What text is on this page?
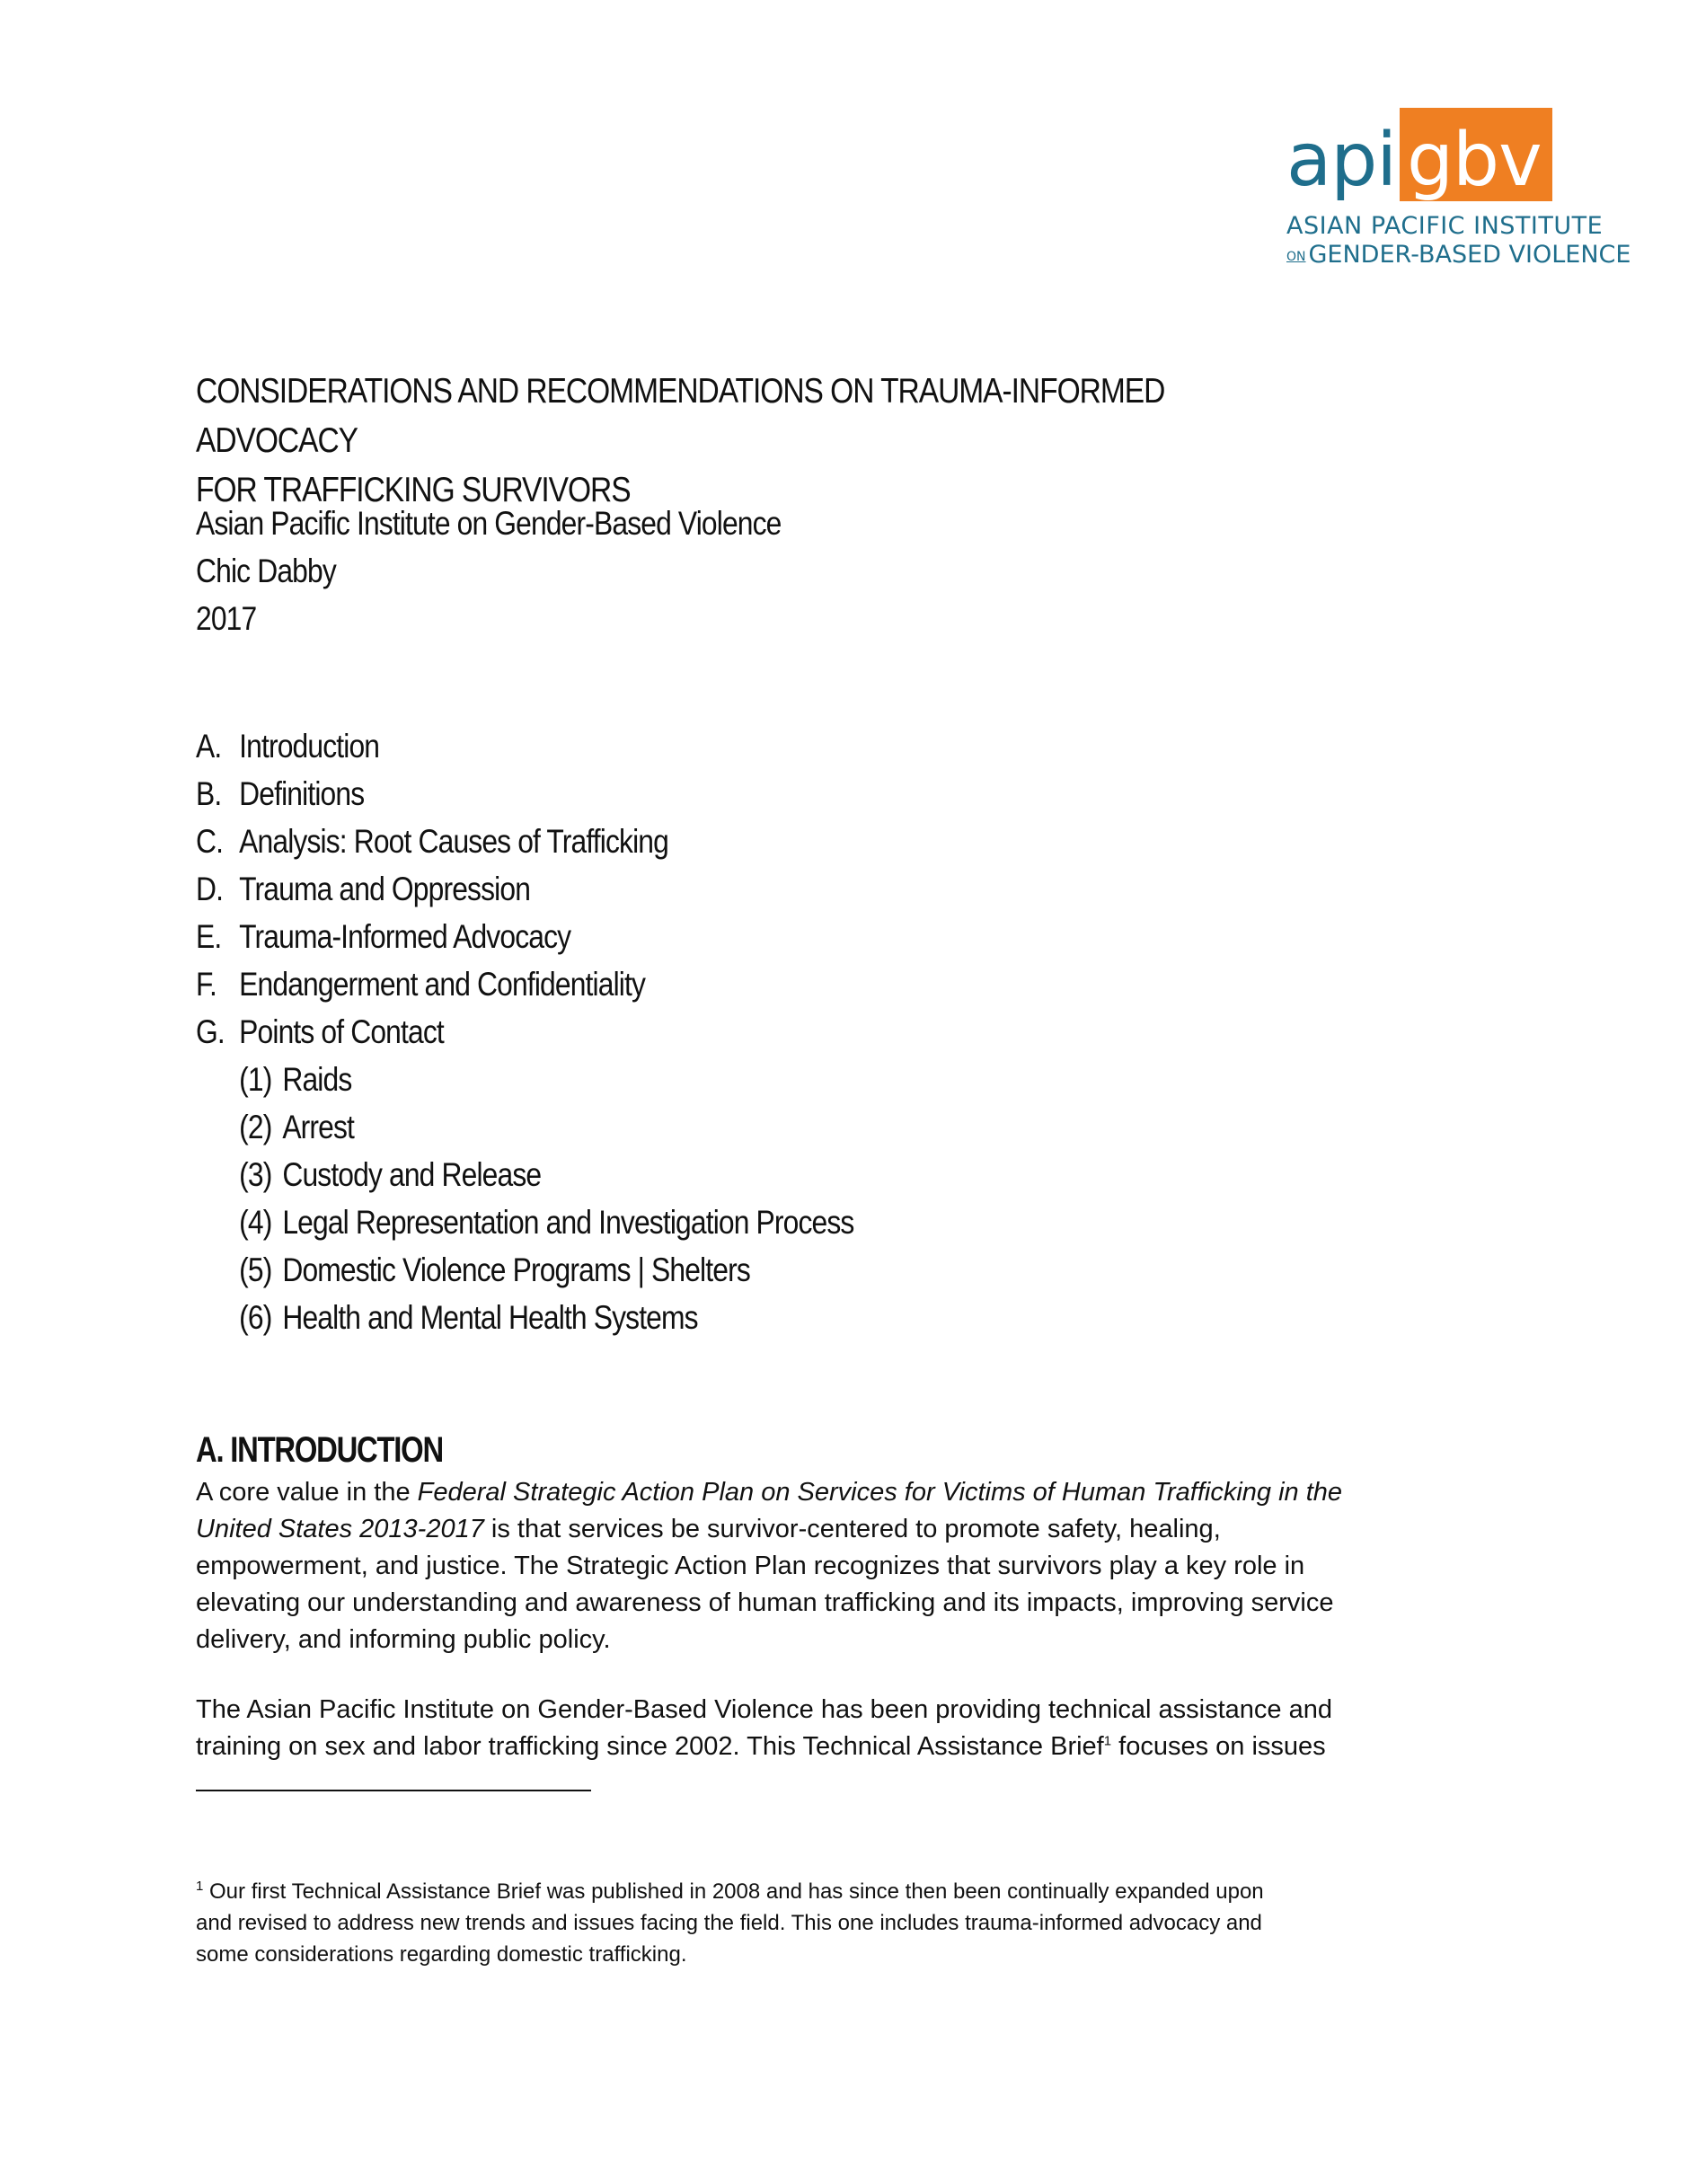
api gbv
ASIAN PACIFIC INSTITUTE
ON GENDER-BASED VIOLENCE
CONSIDERATIONS AND RECOMMENDATIONS ON TRAUMA-INFORMED ADVOCACY
FOR TRAFFICKING SURVIVORS
Asian Pacific Institute on Gender-Based Violence
Chic Dabby
2017
A. Introduction
B. Definitions
C. Analysis: Root Causes of Trafficking
D. Trauma and Oppression
E. Trauma-Informed Advocacy
F. Endangerment and Confidentiality
G. Points of Contact
(1) Raids
(2) Arrest
(3) Custody and Release
(4) Legal Representation and Investigation Process
(5) Domestic Violence Programs | Shelters
(6) Health and Mental Health Systems
A. INTRODUCTION
A core value in the Federal Strategic Action Plan on Services for Victims of Human Trafficking in the
United States 2013-2017 is that services be survivor-centered to promote safety, healing,
empowerment, and justice. The Strategic Action Plan recognizes that survivors play a key role in
elevating our understanding and awareness of human trafficking and its impacts, improving service
delivery, and informing public policy.
The Asian Pacific Institute on Gender-Based Violence has been providing technical assistance and
training on sex and labor trafficking since 2002. This Technical Assistance Brief$^1$ focuses on issues
$^1$ Our first Technical Assistance Brief was published in 2008 and has since then been continually expanded upon
and revised to address new trends and issues facing the field. This one includes trauma-informed advocacy and
some considerations regarding domestic trafficking.
